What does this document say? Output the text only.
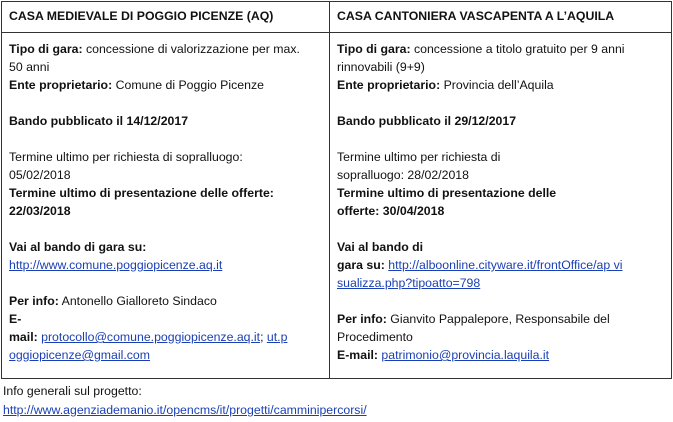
CASA MEDIEVALE DI POGGIO PICENZE (AQ)	CASA CANTONIERA VASCAPENTA A L’AQUILA
Tipo di gara: concessione di valorizzazione per max.
50 anni
Ente proprietario: Comune di Poggio Picenze
Bando pubblicato il 14/12/2017
Termine ultimo per richiesta di sopralluogo:
05/02/2018
Termine ultimo di presentazione delle offerte:
22/03/2018
Vai al bando di gara su:
http://www.comune.poggiopicenze.aq.it
Per info: Antonello Gialloreto Sindaco
E-
mail: protocollo@comune.poggiopicenze.aq.it; ut.p
oggiopicenze@gmail.com
Tipo di gara: concessione a titolo gratuito per 9 anni
rinnovabili (9+9)
Ente proprietario: Provincia dell’Aquila
Bando pubblicato il 29/12/2017
Termine ultimo per richiesta di
sopralluogo: 28/02/2018
Termine ultimo di presentazione delle
offerte: 30/04/2018
Vai al bando di
gara su: http://alboonline.cityware.it/frontOffice/ap vi
sualizza.php?tipoatto=798
Per info: Gianvito Pappalepore, Responsabile del
Procedimento
E-mail: patrimonio@provincia.laquila.it
Info generali sul progetto:
http://www.agenziademanio.it/opencms/it/progetti/camminipercorsi/
